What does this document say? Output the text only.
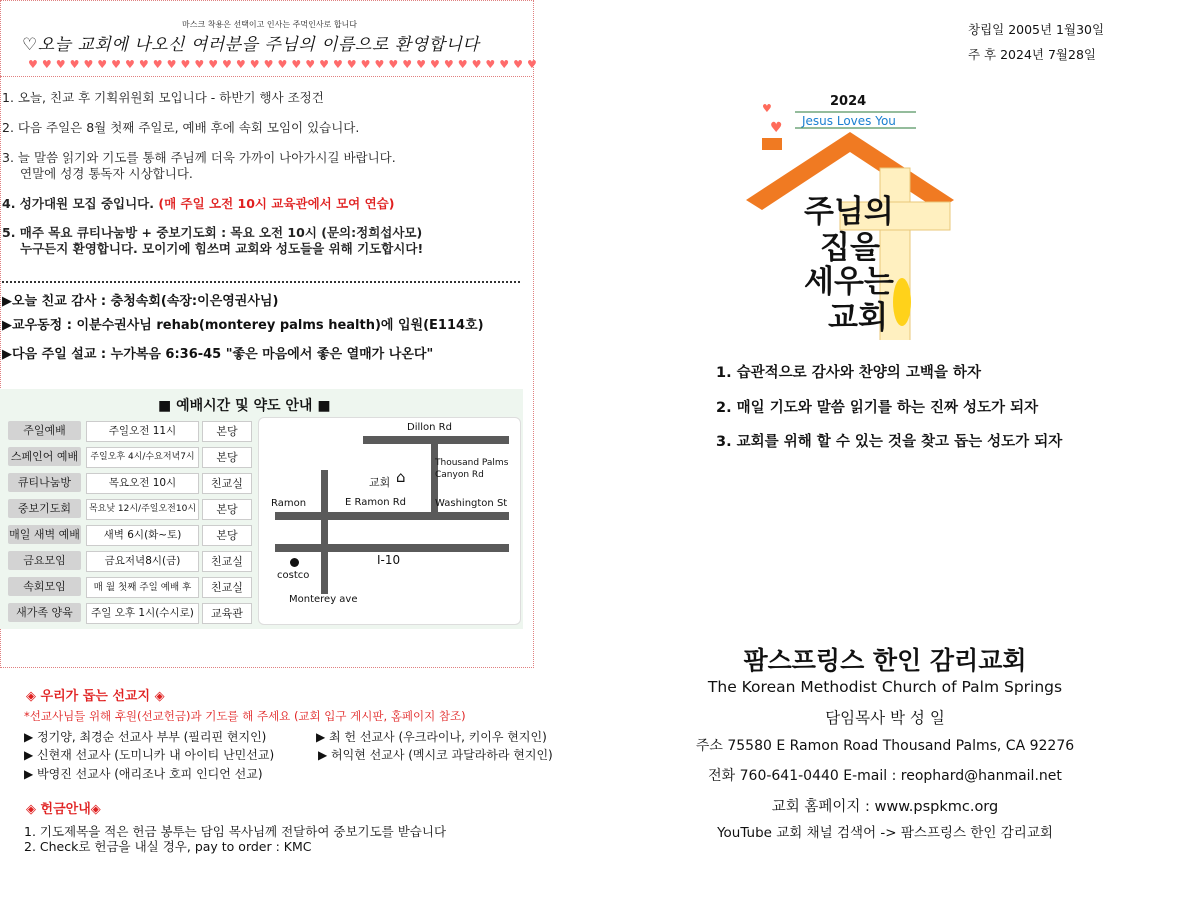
마스크 착용은 선택이고 인사는 주먹인사로 합니다
♡오늘 교회에 나오신 여러분을 주님의 이름으로 환영합니다
♥♥♥♥♥♥♥♥♥♥♥♥♥♥♥♥♥♥♥♥♥♥♥♥♥♥♥♥♥♥♥♥♥♥♥♥♥
1. 오늘, 친교 후 기획위원회 모입니다 - 하반기 행사 조정건
2. 다음 주일은 8월 첫째 주일로, 예배 후에 속회 모임이 있습니다.
3. 늘 말씀 읽기와 기도를 통해 주님께 더욱 가까이 나아가시길 바랍니다.
연말에 성경 통독자 시상합니다.
4. 성가대원 모집 중입니다. (매 주일 오전 10시 교육관에서 모여 연습)
5. 매주 목요 큐티나눔방 + 중보기도회 : 목요 오전 10시 (문의:정희섭사모)
누구든지 환영합니다. 모이기에 힘쓰며 교회와 성도들을 위해 기도합시다!
▶오늘 친교 감사 : 충청속회(속장:이은영권사님)
▶교우동정 : 이분수권사님 rehab(monterey palms health)에 입원(E114호)
▶다음 주일 설교 : 누가복음 6:36-45 "좋은 마음에서 좋은 열매가 나온다"
■ 예배시간 및 약도 안내 ■
주일예배	주일오전 11시	본당
스페인어 예배	주일오후 4시/수요저녁7시	본당
큐티나눔방	목요오전 10시	친교실
중보기도회	목요낮 12시/주일오전10시	본당
매일 새벽 예배	새벽 6시(화~토)	본당
금요모임	금요저녁8시(금)	친교실
속회모임	매 월 첫째 주일 예배 후	친교실
새가족 양육	주일 오후 1시(수시로)	교육관
Dillon Rd
Thousand Palms
Canyon Rd
교회 ⌂
Ramon	E Ramon Rd	Washington St
I-10
costco
Monterey ave
◈ 우리가 돕는 선교지 ◈
*선교사님들 위해 후원(선교헌금)과 기도를 해 주세요 (교회 입구 게시판, 홈페이지 참조)
▶ 정기양, 최경순 선교사 부부 (필리핀 현지인)	▶ 최 헌 선교사 (우크라이나, 키이우 현지인)
▶ 신현재 선교사 (도미니카 내 아이티 난민선교)	▶ 허익현 선교사 (멕시코 과달라하라 현지인)
▶ 박영진 선교사 (애리조나 호피 인디언 선교)
◈ 헌금안내◈
1. 기도제목을 적은 헌금 봉투는 담임 목사님께 전달하여 중보기도를 받습니다
2. Check로 헌금을 내실 경우, pay to order : KMC
창립일 2005년 1월30일
주 후 2024년 7월28일
♥
♥	2024
Jesus Loves You
주님의
집을
세우는
교회
1. 습관적으로 감사와 찬양의 고백을 하자
2. 매일 기도와 말씀 읽기를 하는 진짜 성도가 되자
3. 교회를 위해 할 수 있는 것을 찾고 돕는 성도가 되자
팜스프링스 한인 감리교회
The Korean Methodist Church of Palm Springs
담임목사 박 성 일
주소 75580 E Ramon Road Thousand Palms, CA 92276
전화 760-641-0440 E-mail : reophard@hanmail.net
교회 홈페이지 : www.pspkmc.org
YouTube 교회 채널 검색어 -> 팜스프링스 한인 감리교회
